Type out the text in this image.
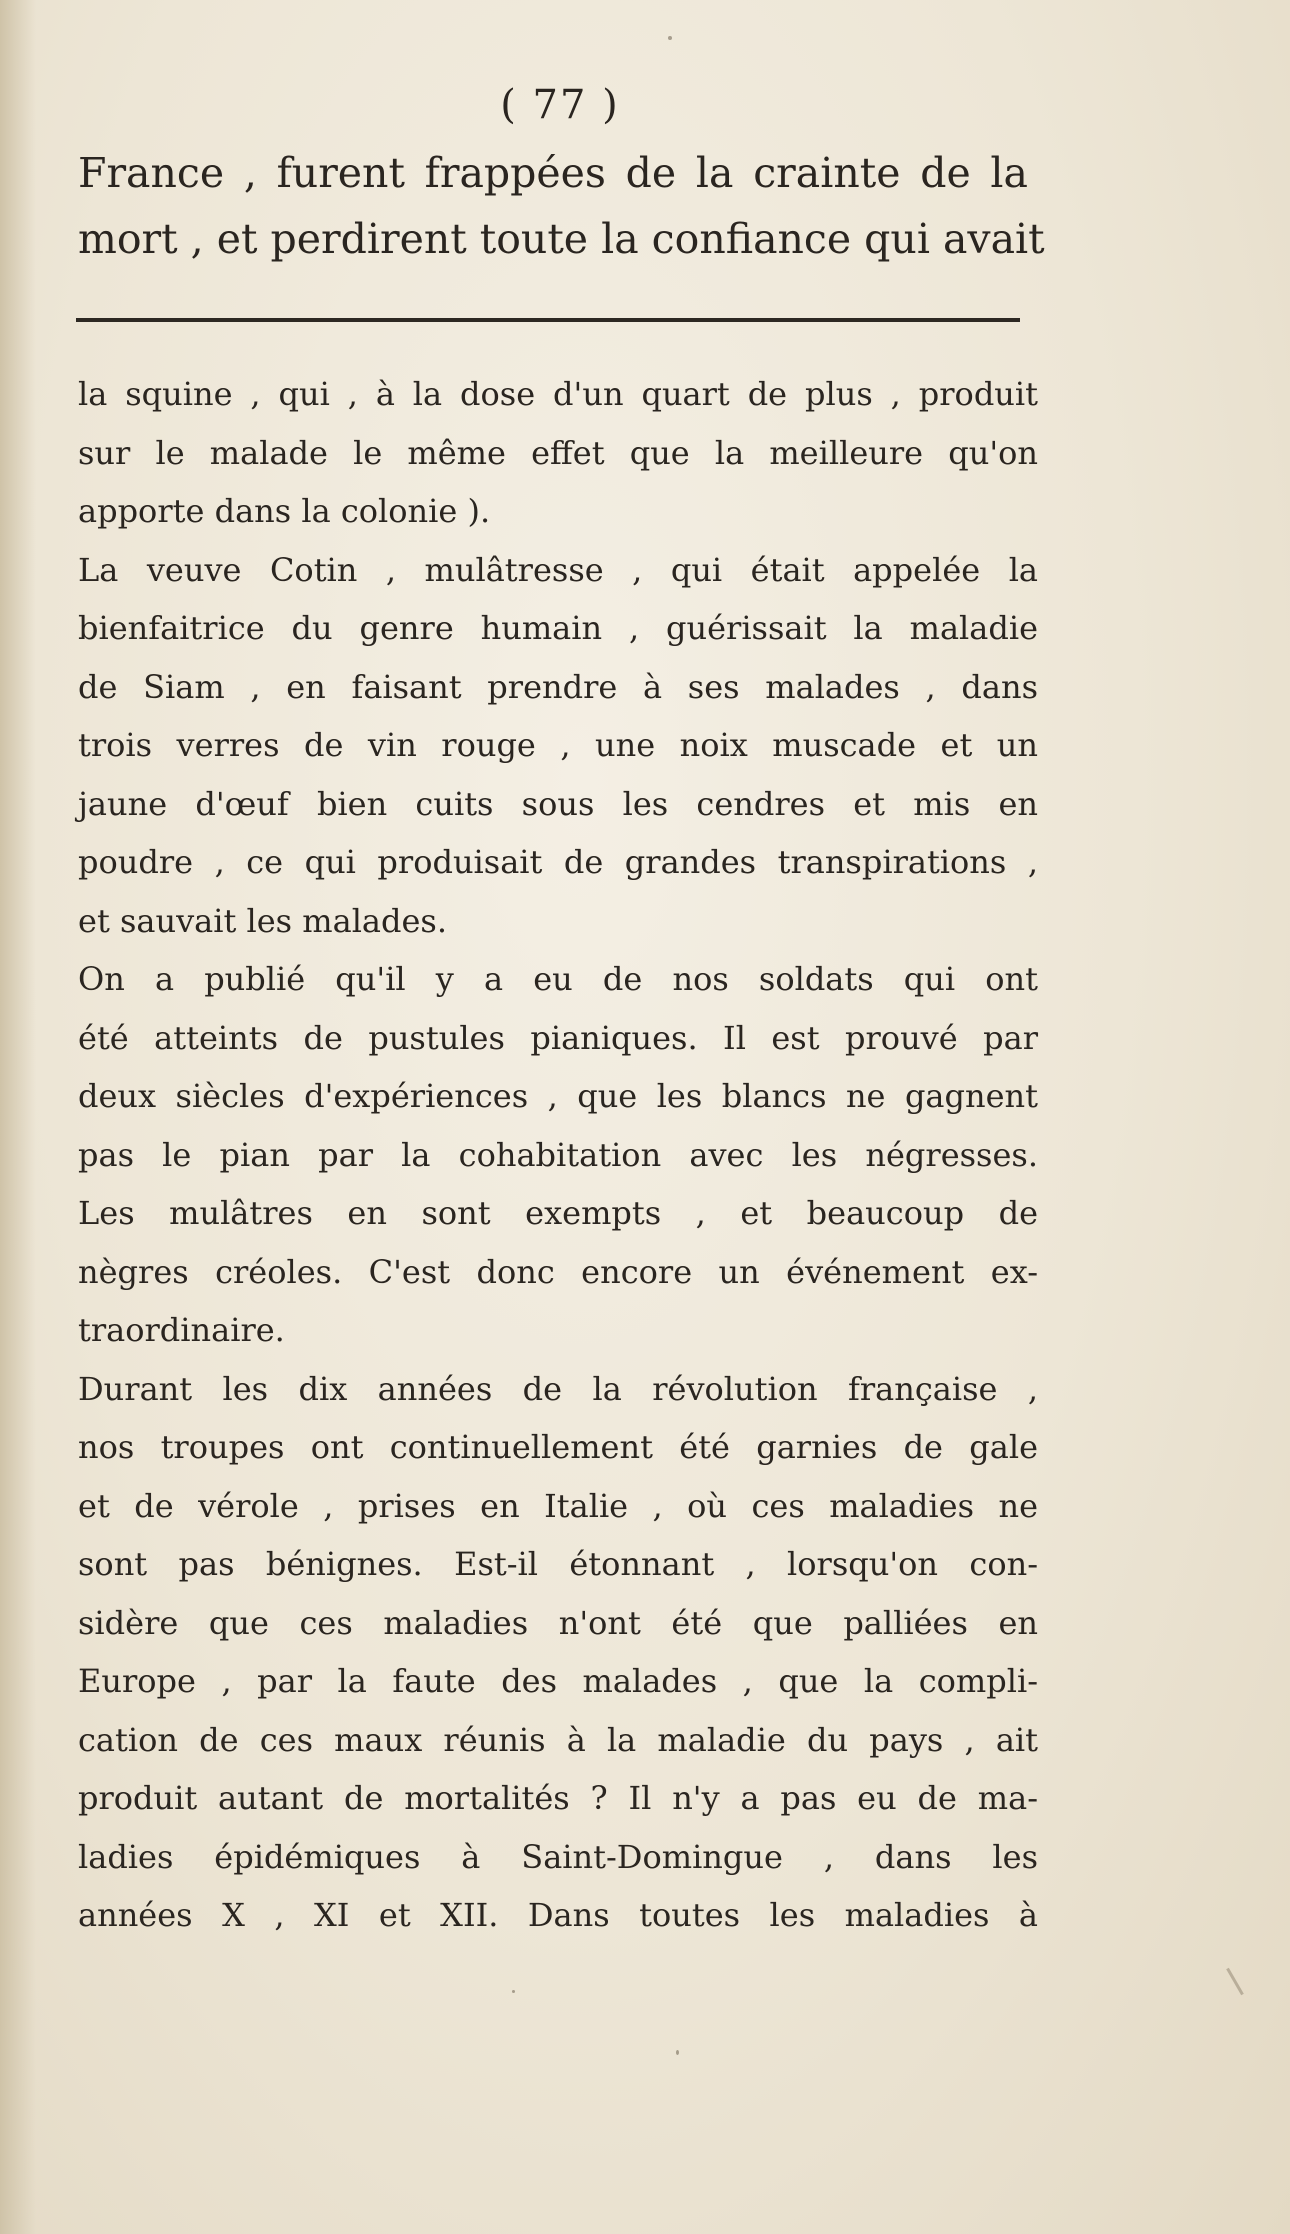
( 77 )
France , furent frappées de la crainte de la
mort , et perdirent toute la confiance qui avait
la squine , qui , à la dose d'un quart de plus , produit
sur le malade le même effet que la meilleure qu'on
apporte dans la colonie ).
La veuve Cotin , mulâtresse , qui était appelée la
bienfaitrice du genre humain , guérissait la maladie
de Siam , en faisant prendre à ses malades , dans
trois verres de vin rouge , une noix muscade et un
jaune d'œuf bien cuits sous les cendres et mis en
poudre , ce qui produisait de grandes transpirations ,
et sauvait les malades.
On a publié qu'il y a eu de nos soldats qui ont
été atteints de pustules pianiques. Il est prouvé par
deux siècles d'expériences , que les blancs ne gagnent
pas le pian par la cohabitation avec les négresses.
Les mulâtres en sont exempts , et beaucoup de
nègres créoles. C'est donc encore un événement ex-
traordinaire.
Durant les dix années de la révolution française ,
nos troupes ont continuellement été garnies de gale
et de vérole , prises en Italie , où ces maladies ne
sont pas bénignes. Est-il étonnant , lorsqu'on con-
sidère que ces maladies n'ont été que palliées en
Europe , par la faute des malades , que la compli-
cation de ces maux réunis à la maladie du pays , ait
produit autant de mortalités ? Il n'y a pas eu de ma-
ladies épidémiques à Saint-Domingue , dans les
années X , XI et XII. Dans toutes les maladies à
